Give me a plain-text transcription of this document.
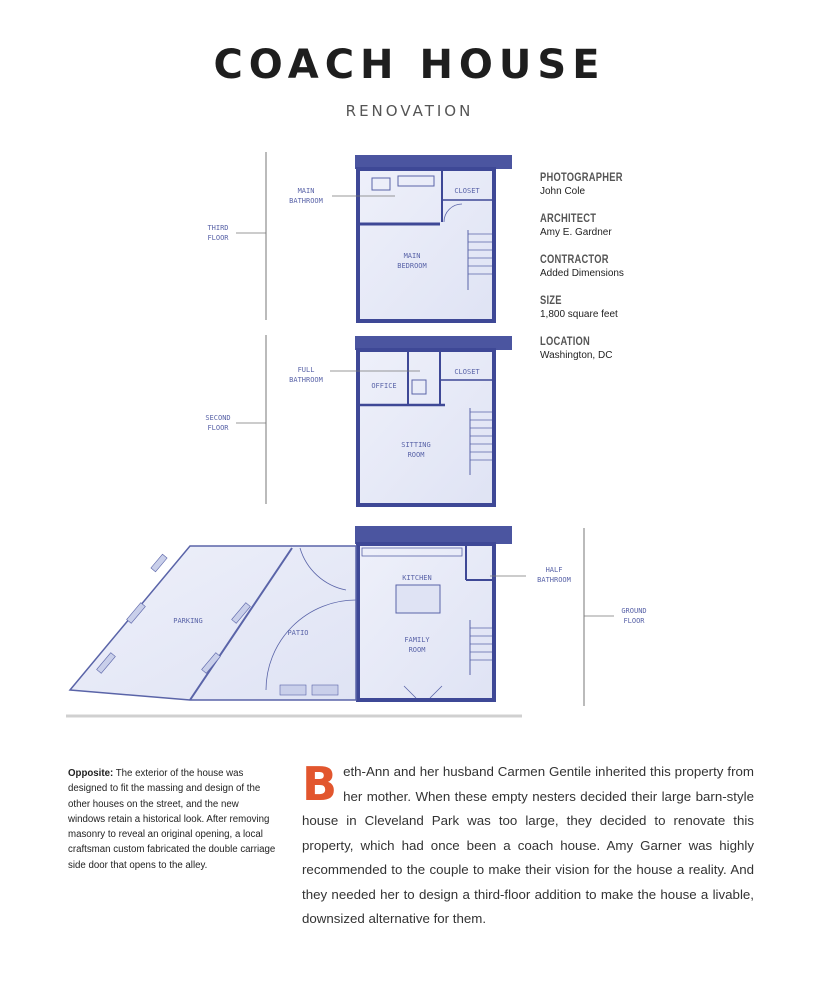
COACH HOUSE
RENOVATION
THIRD
FLOOR
MAIN
BATHROOM
CLOSET
MAIN
BEDROOM
SECOND
FLOOR
FULL
BATHROOM
OFFICE
CLOSET
SITTING
ROOM
GROUND
FLOOR
KITCHEN
HALF
BATHROOM
FAMILY
ROOM
PARKING
PATIO
PHOTOGRAPHER
John Cole
ARCHITECT
Amy E. Gardner
CONTRACTOR
Added Dimensions
SIZE
1,800 square feet
LOCATION
Washington, DC
Opposite: The exterior of the house was designed to fit the massing and design of the other houses on the street, and the new windows retain a historical look. After removing masonry to reveal an original opening, a local craftsman custom fabricated the double carriage side door that opens to the alley.
B eth-Ann and her husband Carmen Gentile inherited this property from her mother. When these empty nesters decided their large barn-style house in Cleveland Park was too large, they decided to renovate this property, which had once been a coach house. Amy Garner was highly recommended to the couple to make their vision for the house a reality. And they needed her to design a third-floor addition to make the house a livable, downsized alternative for them.
